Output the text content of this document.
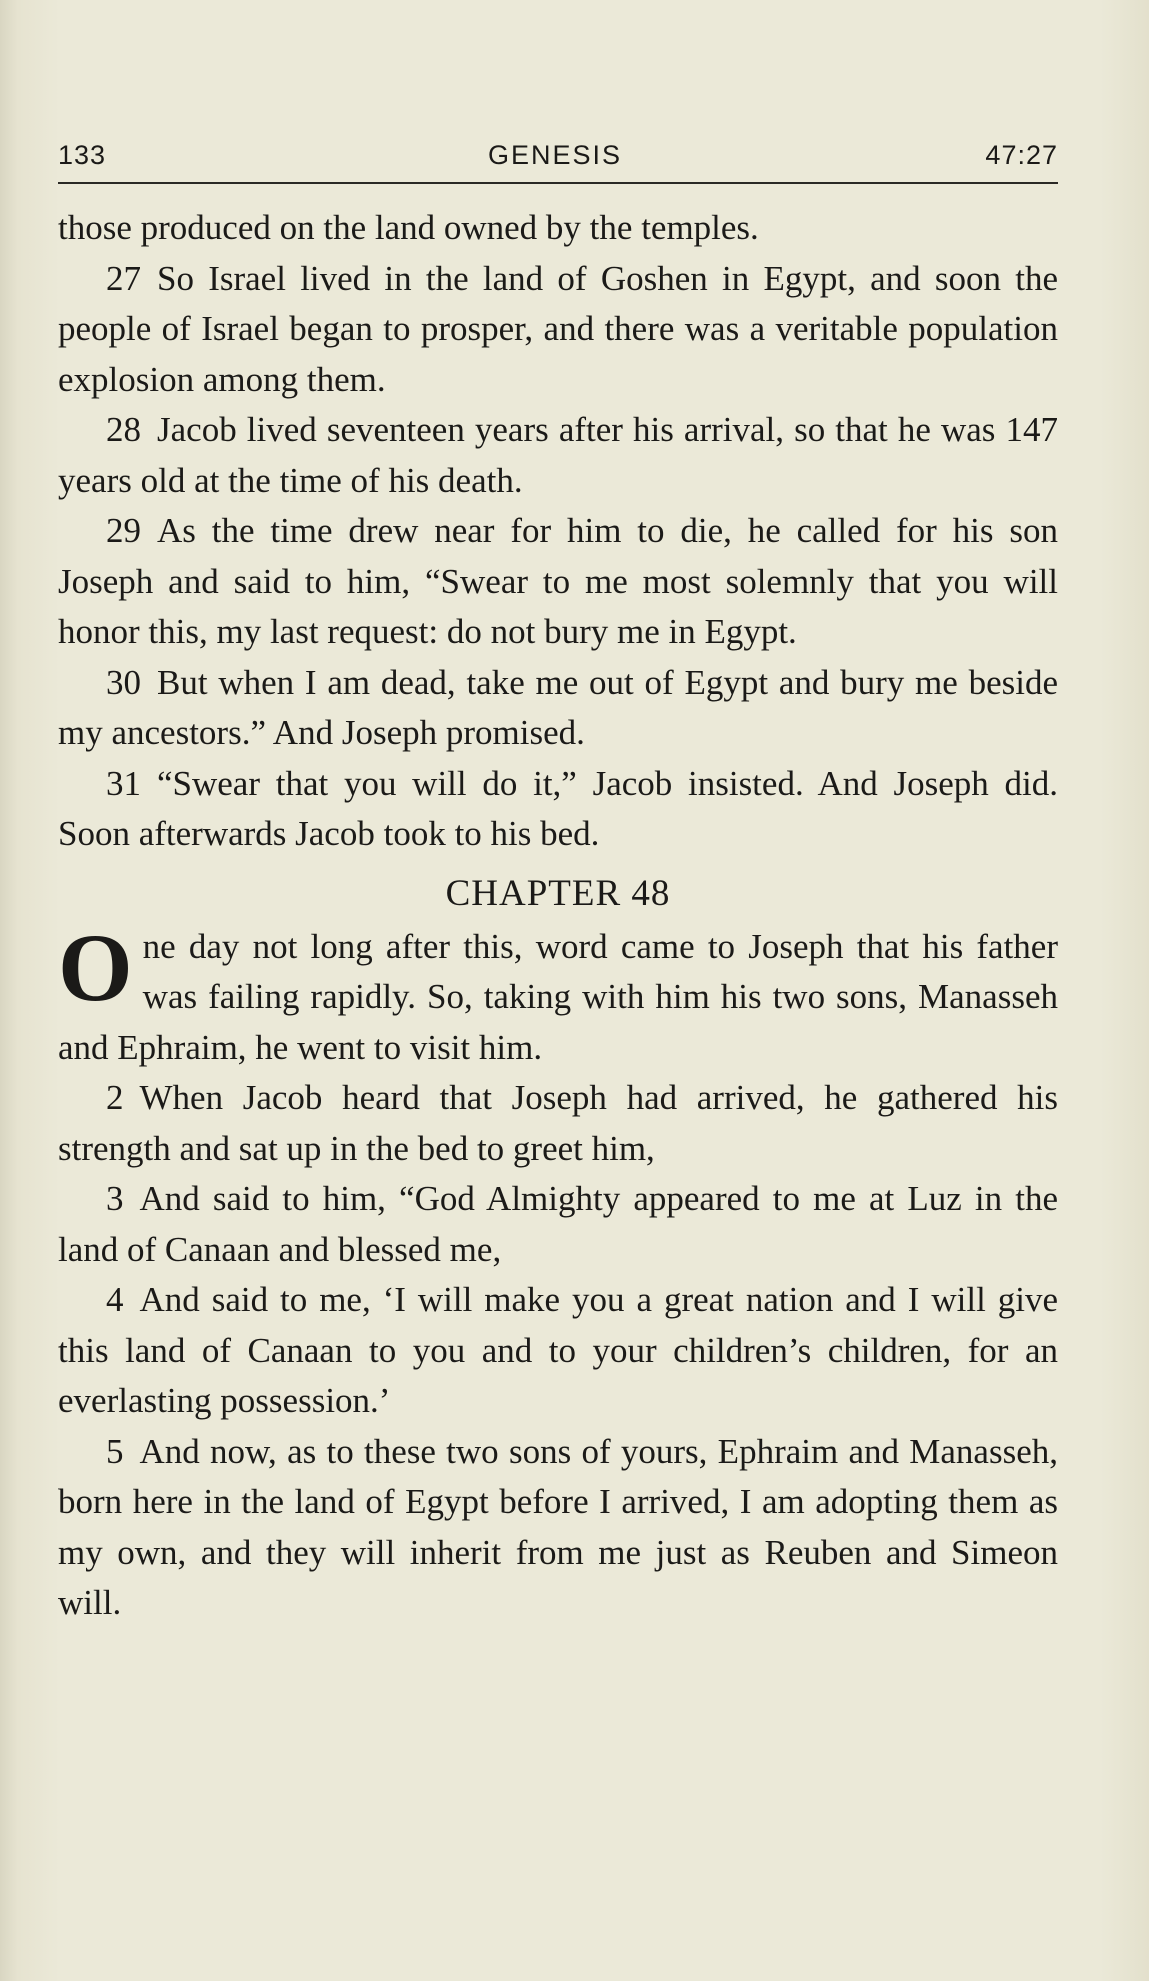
133	GENESIS	47:27

those produced on the land owned by the temples.

27 So Israel lived in the land of Goshen in Egypt, and soon the people of Israel began to prosper, and there was a veritable population explosion among them.

28 Jacob lived seventeen years after his arrival, so that he was 147 years old at the time of his death.

29 As the time drew near for him to die, he called for his son Joseph and said to him, “Swear to me most solemnly that you will honor this, my last request: do not bury me in Egypt.

30 But when I am dead, take me out of Egypt and bury me beside my ancestors.” And Joseph promised.

31 “Swear that you will do it,” Jacob insisted. And Joseph did. Soon afterwards Jacob took to his bed.

CHAPTER 48

One day not long after this, word came to Joseph that his father was failing rapidly. So, taking with him his two sons, Manasseh and Ephraim, he went to visit him.

2 When Jacob heard that Joseph had arrived, he gathered his strength and sat up in the bed to greet him,

3 And said to him, “God Almighty appeared to me at Luz in the land of Canaan and blessed me,

4 And said to me, ‘I will make you a great nation and I will give this land of Canaan to you and to your children’s children, for an everlasting possession.’

5 And now, as to these two sons of yours, Ephraim and Manasseh, born here in the land of Egypt before I arrived, I am adopting them as my own, and they will inherit from me just as Reuben and Simeon will.
